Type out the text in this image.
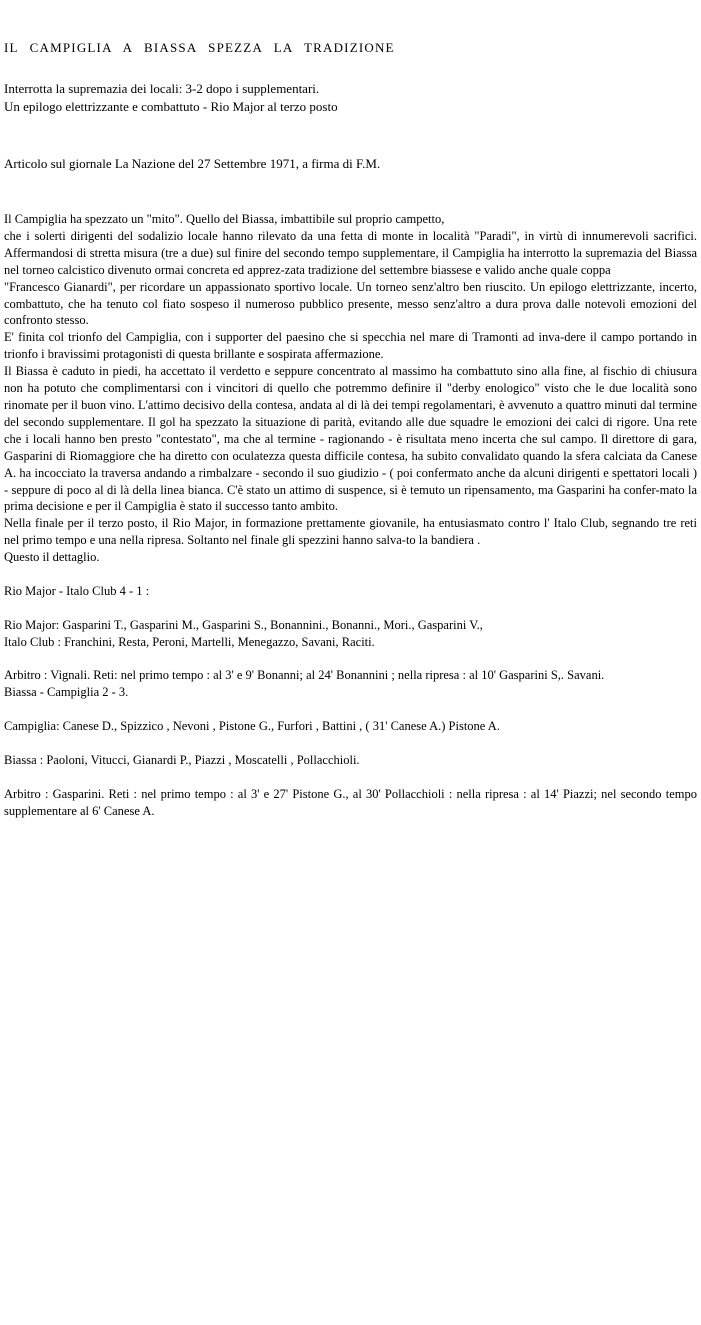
IL CAMPIGLIA A BIASSA SPEZZA LA TRADIZIONE
Interrotta la supremazia dei locali: 3-2 dopo i supplementari.
Un epilogo elettrizzante e combattuto - Rio Major al terzo posto
Articolo sul giornale La Nazione del 27 Settembre 1971, a firma di F.M.

Il Campiglia ha spezzato un "mito". Quello del Biassa, imbattibile sul proprio campetto,

che i solerti dirigenti del sodalizio locale hanno rilevato da una fetta di monte in località "Paradi", in virtù di innumerevoli sacrifici. Affermandosi di stretta misura (tre a due) sul finire del secondo tempo supplementare, il Campiglia ha interrotto la supremazia del Biassa nel torneo calcistico divenuto ormai concreta ed apprez-zata tradizione del settembre biassese e valido anche quale coppa

"Francesco Gianardi", per ricordare un appassionato sportivo locale. Un torneo senz'altro ben riuscito. Un epilogo elettrizzante, incerto, combattuto, che ha tenuto col fiato sospeso il numeroso pubblico presente, messo senz'altro a dura prova dalle notevoli emozioni del confronto stesso.

E' finita col trionfo del Campiglia, con i supporter del paesino che si specchia nel mare di Tramonti ad inva-dere il campo portando in trionfo i bravissimi protagonisti di questa brillante e sospirata affermazione.

Il Biassa è caduto in piedi, ha accettato il verdetto e seppure concentrato al massimo ha combattuto sino alla fine, al fischio di chiusura non ha potuto che complimentarsi con i vincitori di quello che potremmo definire il "derby enologico" visto che le due località sono rinomate per il buon vino. L'attimo decisivo della contesa, andata al di là dei tempi regolamentari, è avvenuto a quattro minuti dal termine del secondo supplementare. Il gol ha spezzato la situazione di parità, evitando alle due squadre le emozioni dei calci di rigore. Una rete che i locali hanno ben presto "contestato", ma che al termine - ragionando - è risultata meno incerta che sul campo. Il direttore di gara, Gasparini di Riomaggiore che ha diretto con oculatezza questa difficile contesa, ha subito convalidato quando la sfera calciata da Canese A. ha incocciato la traversa andando a rimbalzare - secondo il suo giudizio - ( poi confermato anche da alcuni dirigenti e spettatori locali ) - seppure di poco al di là della linea bianca. C'è stato un attimo di suspence, si è temuto un ripensamento, ma Gasparini ha confer-mato la prima decisione e per il Campiglia è stato il successo tanto ambito.

Nella finale per il terzo posto, il Rio Major, in formazione prettamente giovanile, ha entusiasmato contro l' Italo Club, segnando tre reti nel primo tempo e una nella ripresa. Soltanto nel finale gli spezzini hanno salva-to la bandiera .

Questo il dettaglio.

Rio Major - Italo Club 4 - 1 :

Rio Major: Gasparini T., Gasparini M., Gasparini S., Bonannini., Bonanni., Mori., Gasparini V.,

Italo Club : Franchini, Resta, Peroni, Martelli, Menegazzo, Savani, Raciti.

Arbitro : Vignali. Reti: nel primo tempo : al 3' e 9' Bonanni; al 24' Bonannini ; nella ripresa : al 10' Gasparini S,. Savani.

Biassa - Campiglia 2 - 3.

Campiglia: Canese D., Spizzico , Nevoni , Pistone G., Furfori , Battini , ( 31' Canese A.) Pistone A.

Biassa : Paoloni, Vitucci, Gianardi P., Piazzi , Moscatelli , Pollacchioli.

Arbitro : Gasparini. Reti : nel primo tempo : al 3' e 27' Pistone G., al 30' Pollacchioli : nella ripresa : al 14' Piazzi; nel secondo tempo supplementare al 6' Canese A.
